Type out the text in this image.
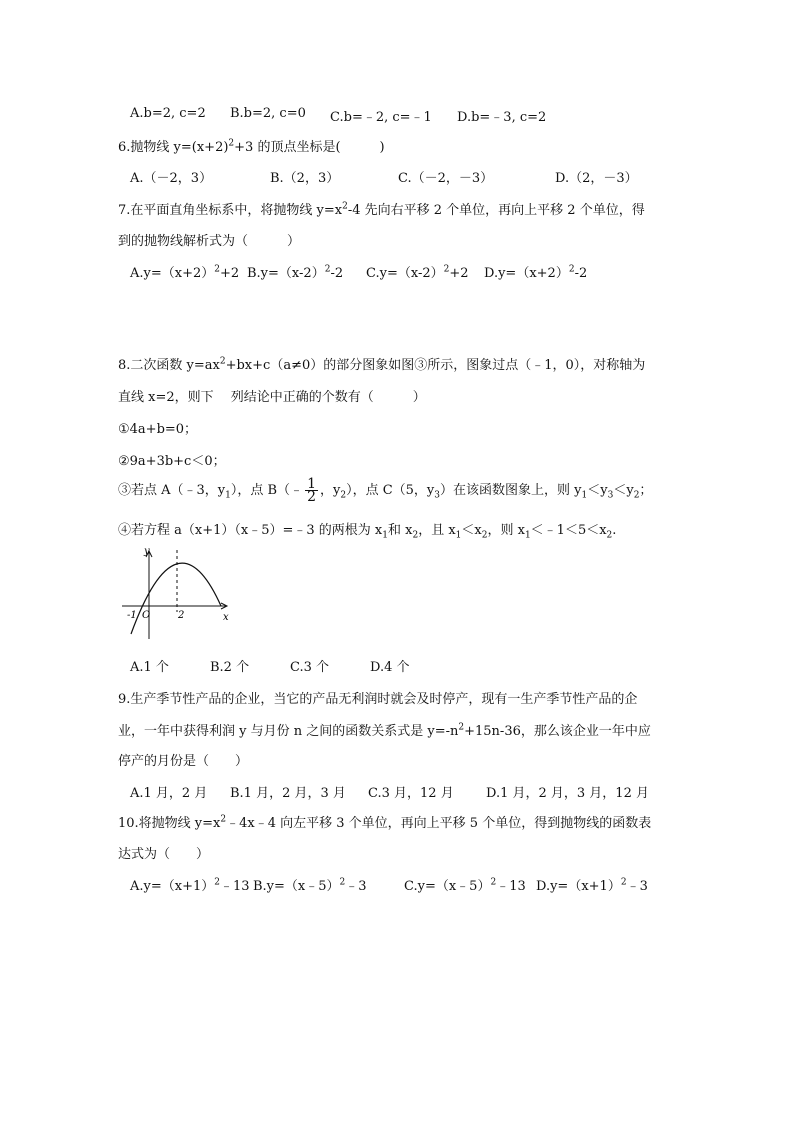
A.b=2, c=2 B.b=2, c=0 C.b=﹣2, c=﹣1 D.b=﹣3, c=2
6.抛物线 $y=(x+2)^2+3$ 的顶点坐标是(　　　)
A.（－2，3）	B.（2，3）	C.（－2，－3）	D.（2，－3）
7.在平面直角坐标系中，将抛物线 $y=x^2-4$ 先向右平移 2 个单位，再向上平移 2 个单位，得
到的抛物线解析式为（　　　）
$A.y=(x+2)^2+2$ $B.y=(x-2)^2-2$ $C.y=(x-2)^2+2$ $D.y=(x+2)^2-2$
8.二次函数 $y=ax^2+bx+c(a\ne 0)$的部分图象如图③所示，图象过点（﹣1，0），对称轴为
直线 x=2，则下　 列结论中正确的个数有（　　　）
①4a+b=0；
②9a+3b+c＜0；
③若点 A（﹣3，$y_1$），点 B（﹣ $\frac{1}{2}$ ，$y_2$），点 C（5，$y_3$）在该函数图象上，则 $y_1<y_3<y_2$；
④若方程 a（x+1）（x﹣5）=﹣3 的两根为 $x_1$和 $x_2$，且 $x_1<x_2$，则 $x_1<﹣1<5<x_2$.
y
x
-1 O	2
A.1 个	B.2 个	C.3 个	D.4 个
9.生产季节性产品的企业，当它的产品无利润时就会及时停产，现有一生产季节性产品的企
业，一年中获得利润 y 与月份 n 之间的函数关系式是 $y=-n^2+15n-36$，那么该企业一年中应
停产的月份是（　　）
A.1 月，2 月 B.1 月，2 月，3 月 C.3 月，12 月 D.1 月，2 月，3 月，12 月
10.将抛物线 $y=x^2﹣4x﹣4$ 向左平移 3 个单位，再向上平移 5 个单位，得到抛物线的函数表
达式为（　　）
$A.y=(x+1)^2﹣13$ B.y=（x﹣5）$^2$﹣3	C.y=（x﹣5）$^2$﹣13 $D.y=(x+1)^2﹣3$
